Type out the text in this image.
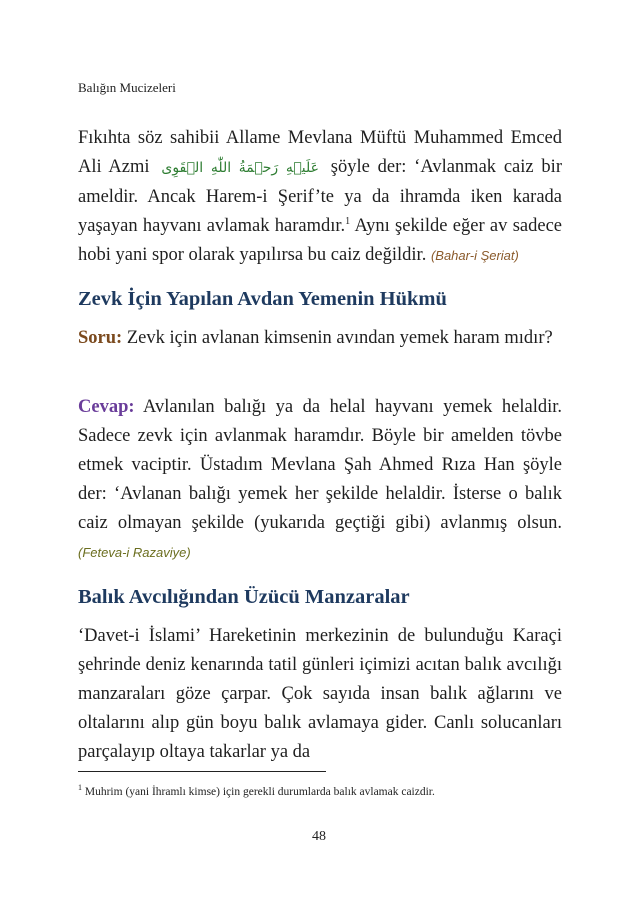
Balığın Mucizeleri

Fıkıhta söz sahibii Allame Mevlana Müftü Muhammed Emced Ali Azmi عَلَيۡهِ رَحۡمَةُ اللّٰهِ الۡقَوِی şöyle der: ‘Avlanmak caiz bir ameldir. Ancak Harem-i Şerif’te ya da ihramda iken karada yaşayan hayvanı avlamak haramdır.$^1$ Aynı şekilde eğer av sadece hobi yani spor olarak yapılırsa bu caiz değildir. (Bahar-i Şeriat)

Zevk İçin Yapılan Avdan Yemenin Hükmü

Soru: Zevk için avlanan kimsenin avından yemek haram mıdır?

Cevap: Avlanılan balığı ya da helal hayvanı yemek helaldir. Sadece zevk için avlanmak haramdır. Böyle bir amelden tövbe etmek vaciptir. Üstadım Mevlana Şah Ahmed Rıza Han şöyle der: ‘Avlanan balığı yemek her şekilde helaldir. İsterse o balık caiz olmayan şekilde (yukarıda geçtiği gibi) avlanmış olsun. (Feteva-i Razaviye)

Balık Avcılığından Üzücü Manzaralar

‘Davet-i İslami’ Hareketinin merkezinin de bulunduğu Karaçi şehrinde deniz kenarında tatil günleri içimizi acıtan balık avcılığı manzaraları göze çarpar. Çok sayıda insan balık ağlarını ve oltalarını alıp gün boyu balık avlamaya gider. Canlı solucanları parçalayıp oltaya takarlar ya da

$^1$ Muhrim (yani İhramlı kimse) için gerekli durumlarda balık avlamak caizdir.
48
